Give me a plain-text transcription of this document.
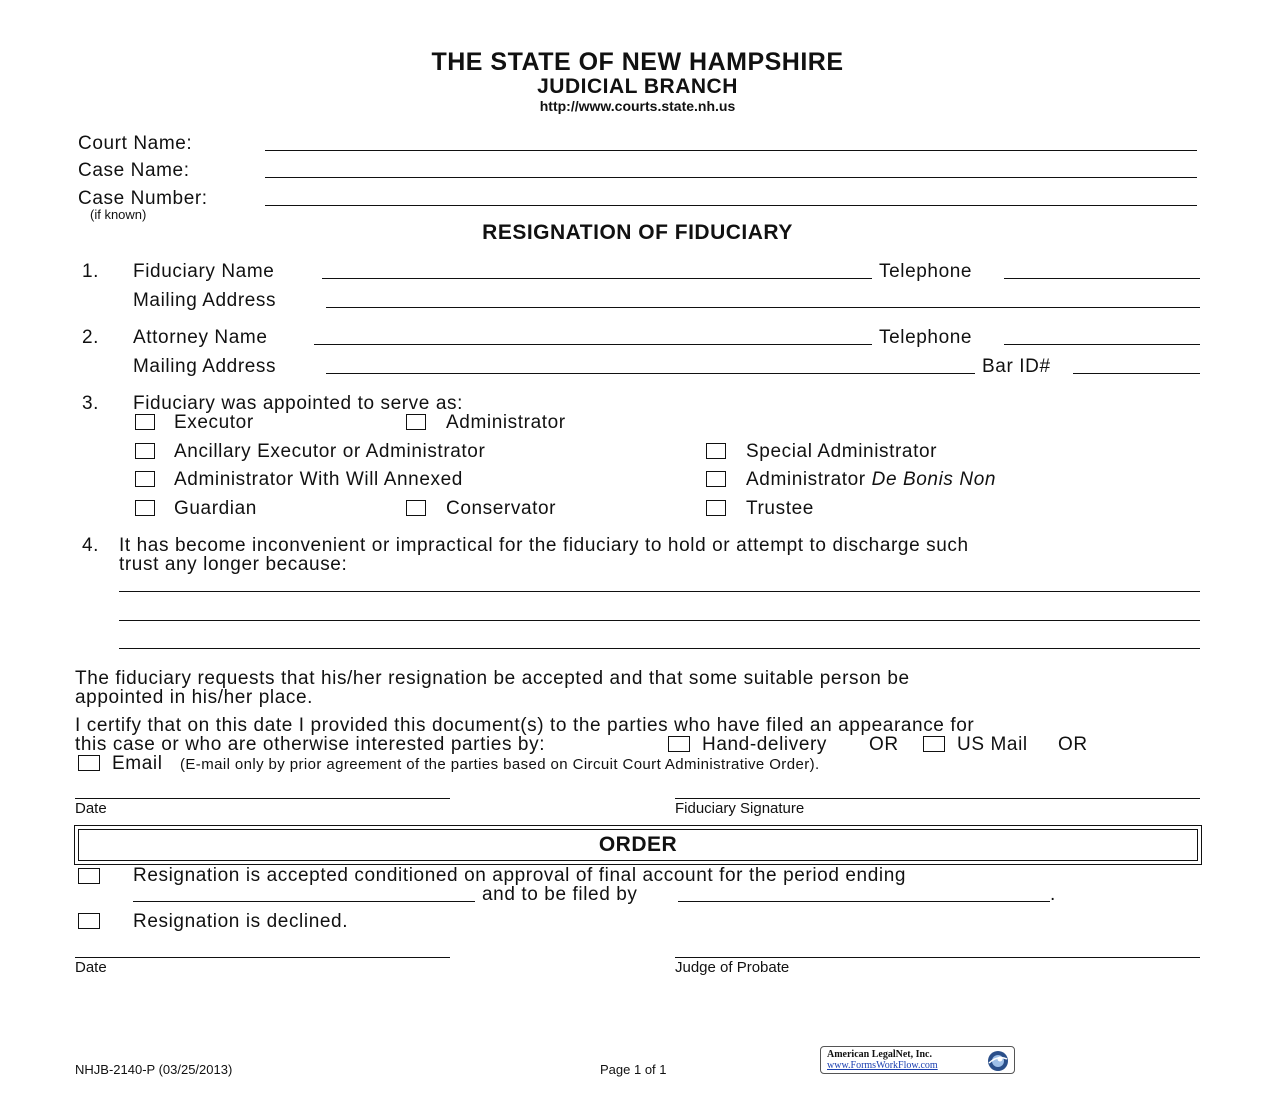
THE STATE OF NEW HAMPSHIRE
JUDICIAL BRANCH
http://www.courts.state.nh.us
Court Name:
Case Name:
Case Number:
(if known)
RESIGNATION OF FIDUCIARY
1. Fiduciary Name	Telephone
Mailing Address
2. Attorney Name	Telephone
Mailing Address	Bar ID#
3. Fiduciary was appointed to serve as:
Executor	Administrator
Ancillary Executor or Administrator	Special Administrator
Administrator With Will Annexed	Administrator De Bonis Non
Guardian	Conservator	Trustee
4. It has become inconvenient or impractical for the fiduciary to hold or attempt to discharge such
trust any longer because:
The fiduciary requests that his/her resignation be accepted and that some suitable person be
appointed in his/her place.
I certify that on this date I provided this document(s) to the parties who have filed an appearance for
this case or who are otherwise interested parties by:	Hand-delivery OR	US Mail OR
Email (E-mail only by prior agreement of the parties based on Circuit Court Administrative Order).
Date	Fiduciary Signature
ORDER
Resignation is accepted conditioned on approval of final account for the period ending
and to be filed by	.
Resignation is declined.
Date	Judge of Probate
NHJB-2140-P (03/25/2013)	Page 1 of 1
American LegalNet, Inc.
www.FormsWorkFlow.com
